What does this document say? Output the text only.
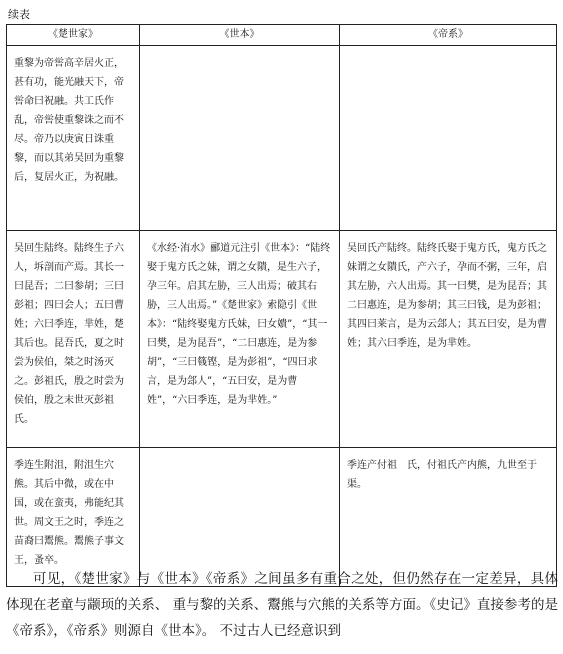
续表
《楚世家》	《世本》	《帝系》
重黎为帝喾高辛居火正，甚有功，能光融天下，帝喾命曰祝融。共工氏作乱，帝喾使重黎诛之而不尽。帝乃以庚寅日诛重黎，而以其弟吴回为重黎后，复居火正，为祝融。		
吴回生陆终。陆终生子六人，坼剖而产焉。其长一曰昆吾；二曰参胡；三曰彭祖；四曰会人；五曰曹姓；六曰季连，芈姓，楚其后也。昆吾氏，夏之时尝为侯伯，桀之时汤灭之。彭祖氏，殷之时尝为侯伯，殷之末世灭彭祖氏。	《水经·洧水》郦道元注引《世本》：“陆终娶于鬼方氏之妹，谓之女隤，是生六子，孕三年。启其左胁，三人出焉；破其右胁，三人出焉。”《楚世家》索隐引《世本》：“陆终娶鬼方氏妹，曰女嬇”，“其一曰樊，是为昆吾”，“二曰惠连，是为参胡”，“三曰篯铿，是为彭祖”，“四曰求言，是为郐人”，“五曰安，是为曹姓”，“六曰季连，是为芈姓。”	吴回氏产陆终。陆终氏娶于鬼方氏，鬼方氏之妹谓之女隤氏，产六子，孕而不粥，三年，启其左胁，六人出焉。其一曰樊，是为昆吾；其二曰惠连，是为参胡；其三曰钱，是为彭祖；其四曰莱言，是为云郐人；其五曰安，是为曹姓；其六曰季连，是为芈姓。
季连生附沮，附沮生穴熊。其后中微，或在中国，或在蛮夷，弗能纪其世。周文王之时，季连之苗裔曰鬻熊。鬻熊子事文王，蚤卒。		季连产付祖　氏，付祖氏产内熊，九世至于渠。

可见，《楚世家》与《世本》《帝系》之间虽多有重合之处，但仍然存在一定差异，具体体现在老童与颛顼的关系、 重与黎的关系、鬻熊与穴熊的关系等方面。《史记》直接参考的是《帝系》，《帝系》则源自《世本》。 不过古人已经意识到
